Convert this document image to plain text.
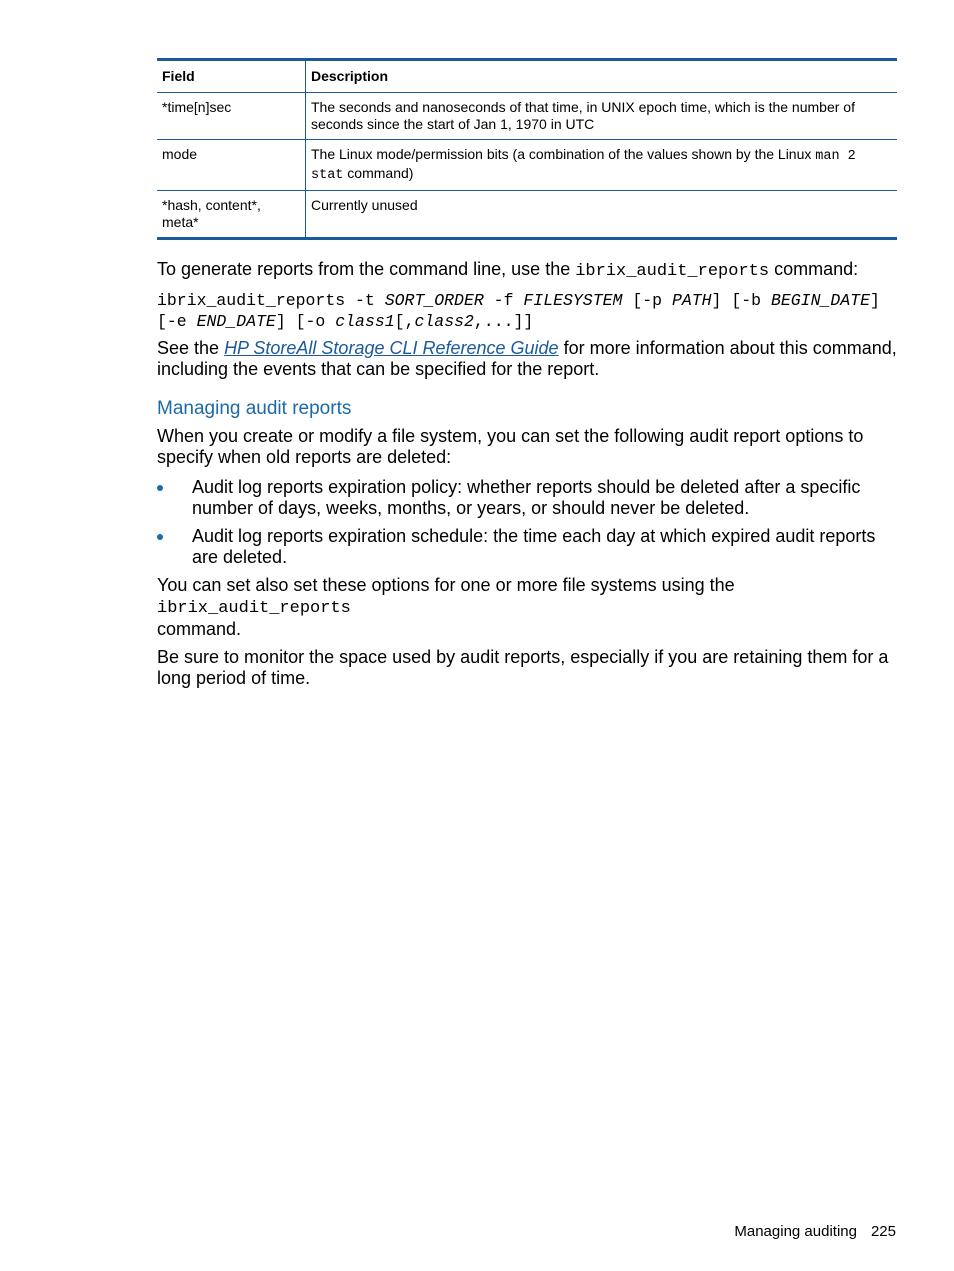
Field	Description
*time[n]sec	The seconds and nanoseconds of that time, in UNIX epoch time, which is the number of seconds since the start of Jan 1, 1970 in UTC
mode	The Linux mode/permission bits (a combination of the values shown by the Linux man 2 stat command)
*hash, content*, meta*	Currently unused

To generate reports from the command line, use the ibrix_audit_reports command:

ibrix_audit_reports -t SORT_ORDER -f FILESYSTEM [-p PATH] [-b BEGIN_DATE]
[-e END_DATE] [-o class1[,class2,...]]

See the HP StoreAll Storage CLI Reference Guide for more information about this command, including the events that can be specified for the report.

Managing audit reports

When you create or modify a file system, you can set the following audit report options to specify when old reports are deleted:

Audit log reports expiration policy: whether reports should be deleted after a specific number of days, weeks, months, or years, or should never be deleted.
Audit log reports expiration schedule: the time each day at which expired audit reports are deleted.

You can set also set these options for one or more file systems using the ibrix_audit_reports
command.

Be sure to monitor the space used by audit reports, especially if you are retaining them for a long period of time.

Managing auditing 225
